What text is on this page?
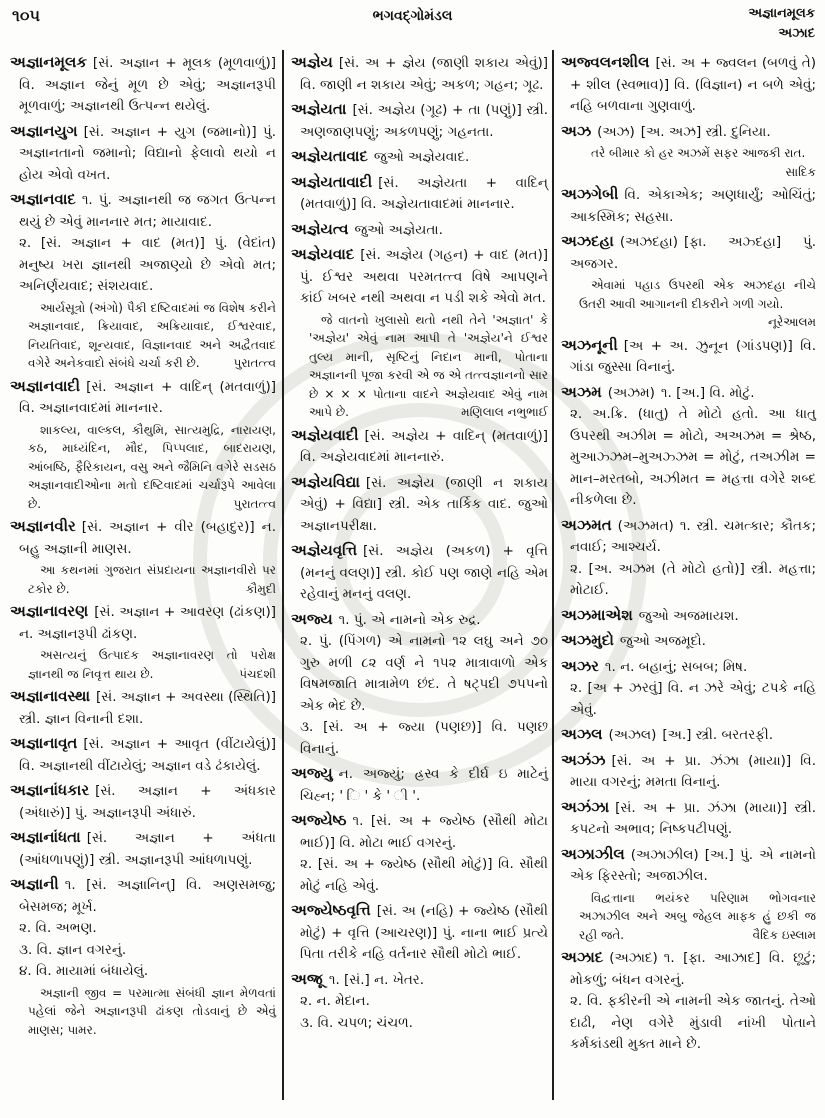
૧૦૫	ભગવદ્ગોમંડલ	અજ્ઞાનમૂલક
અઝાદ

અજ્ઞાનમૂલક [સં. અજ્ઞાન + મૂલક (મૂળવાળું)] વિ. અજ્ઞાન જેનું મૂળ છે એવું; અજ્ઞાનરૂપી મૂળવાળું; અજ્ઞાનથી ઉત્પન્ન થયેલું.

અજ્ઞાનયુગ [સં. અજ્ઞાન + યુગ (જમાનો)] પું. અજ્ઞાનતાનો જમાનો; વિદ્યાનો ફેલાવો થયો ન હોય એવો વખત.

અજ્ઞાનવાદ ૧. પું. અજ્ઞાનથી જ જગત ઉત્પન્ન થયું છે એવું માનનાર મત; માયાવાદ.

૨. [સં. અજ્ઞાન + વાદ (મત)] પું. (વેદાંત) મનુષ્ય ખરા જ્ઞાનથી અજાણ્યો છે એવો મત; અનિર્ણયવાદ; સંશયવાદ.

આર્યસૂત્રો (અંગો) પૈકી દષ્ટિવાદમાં જ વિશેષ કરીને અજ્ઞાનવાદ, ક્રિયાવાદ, અક્રિયાવાદ, ઈશ્વરવાદ, નિયતિવાદ, શૂન્યવાદ, વિજ્ઞાનવાદ અને અદ્વૈતવાદ વગેરે અનેકવાદો સંબંધે ચર્ચા કરી છે.	પુરાતત્ત્વ

અજ્ઞાનવાદી [સં. અજ્ઞાન + વાદિન્ (મતવાળું)] વિ. અજ્ઞાનવાદમાં માનનાર.

શાકલ્ય, વાલ્કલ, કૌથુમિ, સાત્યમુદ્રિ, નારાયણ, કઠ, માધ્યંદિન, મૌદ, પિપ્પલાદ, બાદરાયણ, આંબષ્ઠિ, ફૈરિકાયન, વસુ અને જૈમિનિ વગેરે સડસઠ અજ્ઞાનવાદીઓના મતો દષ્ટિવાદમાં ચર્ચારૂપે આવેલા છે.	પુરાતત્ત્વ

અજ્ઞાનવીર [સં. અજ્ઞાન + વીર (બહાદુર)] ન. બહુ અજ્ઞાની માણસ.

આ કથનમાં ગુજરાત સંપ્રદાયના અજ્ઞાનવીરો પર ટકોર છે.	કૌમુદી

અજ્ઞાનાવરણ [સં. અજ્ઞાન + આવરણ (ઢાંકણ)] ન. અજ્ઞાનરૂપી ઢાંકણ.

અસત્યનું ઉત્પાદક અજ્ઞાનાવરણ તો પરોક્ષ જ્ઞાનથી જ નિવૃત્ત થાય છે.	પંચદશી

અજ્ઞાનાવસ્થા [સં. અજ્ઞાન + અવસ્થા (સ્થિતિ)] સ્ત્રી. જ્ઞાન વિનાની દશા.

અજ્ઞાનાવૃત [સં. અજ્ઞાન + આવૃત (વીંટાયેલું)] વિ. અજ્ઞાનથી વીંટાયેલું; અજ્ઞાન વડે ઢંકાયેલું.

અજ્ઞાનાંધકાર [સં. અજ્ઞાન + અંધકાર (અંધારું)] પું. અજ્ઞાનરૂપી અંધારું.

અજ્ઞાનાંધતા [સં. અજ્ઞાન + અંધતા (આંધળાપણું)] સ્ત્રી. અજ્ઞાનરૂપી આંધળાપણું.

અજ્ઞાની ૧. [સં. અજ્ઞાનિન્] વિ. અણસમજુ; બેસમજ; મૂર્ખ.

૨. વિ. અભણ.

૩. વિ. જ્ઞાન વગરનું.

૪. વિ. માયામાં બંધાયેલું.

અજ્ઞાની જીવ = પરમાત્મા સંબંધી જ્ઞાન મેળવતાં પહેલાં જેને અજ્ઞાનરૂપી ઢાંકણ તોડવાનું છે એવું માણસ; પામર.

અજ્ઞેય [સં. અ + જ્ઞેય (જાણી શકાય એવું)] વિ. જાણી ન શકાય એવું; અકળ; ગહન; ગૂઢ.

અજ્ઞેયતા [સં. અજ્ઞેય (ગૂઢ) + તા (પણું)] સ્ત્રી. અણજાણપણું; અકળપણું; ગહનતા.

અજ્ઞેયતાવાદ જુઓ અજ્ઞેયવાદ.

અજ્ઞેયતાવાદી [સં. અજ્ઞેયતા + વાદિન્ (મતવાળું)] વિ. અજ્ઞેયતાવાદમાં માનનાર.

અજ્ઞેયત્વ જુઓ અજ્ઞેયતા.

અજ્ઞેયવાદ [સં. અજ્ઞેય (ગહન) + વાદ (મત)] પું. ઈશ્વર અથવા પરમતત્ત્વ વિષે આપણને કાંઈ ખબર નથી અથવા ન પડી શકે એવો મત.

જે વાતનો ખુલાસો થતો નથી તેને 'અજ્ઞાત' કે 'અજ્ઞેય' એવું નામ આપી તે 'અજ્ઞેય'ને ઈશ્વર તુલ્ય માની, સૃષ્ટિનું નિદાન માની, પોતાના અજ્ઞાનની પૂજા કરવી એ જ એ તત્ત્વજ્ઞાનનો સાર છે × × × પોતાના વાદને અજ્ઞેયવાદ એવું નામ આપે છે.	મણિલાલ નભુભાઈ

અજ્ઞેયવાદી [સં. અજ્ઞેય + વાદિન્ (મતવાળું)] વિ. અજ્ઞેયવાદમાં માનનારું.

અજ્ઞેયવિદ્યા [સં. અજ્ઞેય (જાણી ન શકાય એવું) + વિદ્યા] સ્ત્રી. એક તાર્કિક વાદ. જુઓ અજ્ઞાનપરીક્ષા.

અજ્ઞેયવૃત્તિ [સં. અજ્ઞેય (અકળ) + વૃત્તિ (મનનું વલણ)] સ્ત્રી. કોઈ પણ જાણે નહિ એમ રહેવાનું મનનું વલણ.

અજ્ય ૧. પું. એ નામનો એક રુદ્ર.

૨. પું. (પિંગળ) એ નામનો ૧૨ લઘુ અને ૭૦ ગુરુ મળી ૮૨ વર્ણ ને ૧૫૨ માત્રાવાળો એક વિષમજાતિ માત્રામેળ છંદ. તે ષટ્પદી ૭૫૫નો એક ભેદ છે.

૩. [સં. અ + જ્યા (પણછ)] વિ. પણછ વિનાનું.

અજ્યુ ન. અજ્યું; હ્રસ્વ કે દીર્ઘ ઇ માટેનું ચિહ્ન; ' િ ' કે ' ી '.

અજ્યેષ્ઠ ૧. [સં. અ + જ્યેષ્ઠ (સૌથી મોટા ભાઈ)] વિ. મોટા ભાઈ વગરનું.

૨. [સં. અ + જ્યેષ્ઠ (સૌથી મોટું)] વિ. સૌથી મોટું નહિ એવું.

અજ્યેષ્ઠવૃત્તિ [સં. અ (નહિ) + જ્યેષ્ઠ (સૌથી મોટું) + વૃત્તિ (આચરણ)] પું. નાના ભાઈ પ્રત્યે પિતા તરીકે નહિ વર્તનાર સૌથી મોટો ભાઈ.

અજ્રૂ ૧. [સં.] ન. ખેતર.

૨. ન. મેદાન.

૩. વિ. ચપળ; ચંચળ.

અજ્વલનશીલ [સં. અ + જ્વલન (બળવું તે) + શીલ (સ્વભાવ)] વિ. (વિજ્ઞાન) ન બળે એવું; નહિ બળવાના ગુણવાળું.

અઝ (અઝ) [અ. અઝ] સ્ત્રી. દુનિયા.

તરે બીમાર કો હર અઝમેં સફર આજકી રાત.
સાદિક

અઝગેબી વિ. એકાએક; અણધાર્યું; ઓચિંતું; આકસ્મિક; સહસા.

અઝદહા (અઝદહા) [ફા. અઝ્દહા] પું. અજગર.

એવામાં પહાડ ઉપરથી એક અઝદહા નીચે ઉતરી આવી આગાનની દીકરીને ગળી ગયો.
નૂરેઆલમ

અઝનૂની [અ + અ. ઝુનૂન (ગાંડપણ)] વિ. ગાંડા જુસ્સા વિનાનું.

અઝમ (અઝમ) ૧. [અ.] વિ. મોટું.

૨. અ.ક્રિ. (ધાતુ) તે મોટો હતો. આ ધાતુ ઉપરથી અઝીમ = મોટો, અઅઝમ = શ્રેષ્ઠ, મુઆઝ્ઝમ–મુઅઝ્ઝમ = મોટું, તઅઝીમ = માન–મરતબો, અઝીમત = મહત્તા વગેરે શબ્દ નીકળેલા છે.

અઝમત (અઝમત) ૧. સ્ત્રી. ચમત્કાર; કૌતક; નવાઈ; આશ્ચર્ય.

૨. [અ. અઝમ (તે મોટો હતો)] સ્ત્રી. મહત્તા; મોટાઈ.

અઝમાએશ જુઓ અજમાયશ.

અઝમુદો જુઓ અજમૂદો.

અઝર ૧. ન. બહાનું; સબબ; મિષ.

૨. [અ + ઝરવું] વિ. ન ઝરે એવું; ટપકે નહિ એવું.

અઝલ (અઝલ) [અ.] સ્ત્રી. બરતરફી.

અઝંઝ [સં. અ + પ્રા. ઝંઝા (માયા)] વિ. માયા વગરનું; મમતા વિનાનું.

અઝંઝા [સં. અ + પ્રા. ઝંઝા (માયા)] સ્ત્રી. કપટનો અભાવ; નિષ્કપટીપણું.

અઝાઝીલ (અઝાઝીલ) [અ.] પું. એ નામનો એક ફિરસ્તો; અજાઝીલ.

વિદ્વત્તાના ભયંકર પરિણામ ભોગવનાર અઝાઝીલ અને અબુ જેહલ માફક હું છકી જ રહી જતે.	વૈદિક ઇસ્લામ

અઝાદ (અઝાદ) ૧. [ફા. આઝાદ] વિ. છૂટું; મોકળું; બંધન વગરનું.

૨. વિ. ફકીરની એ નામની એક જાતનું. તેઓ દાઢી, નેણ વગેરે મુંડાવી નાંખી પોતાને કર્મકાંડથી મુક્ત માને છે.
